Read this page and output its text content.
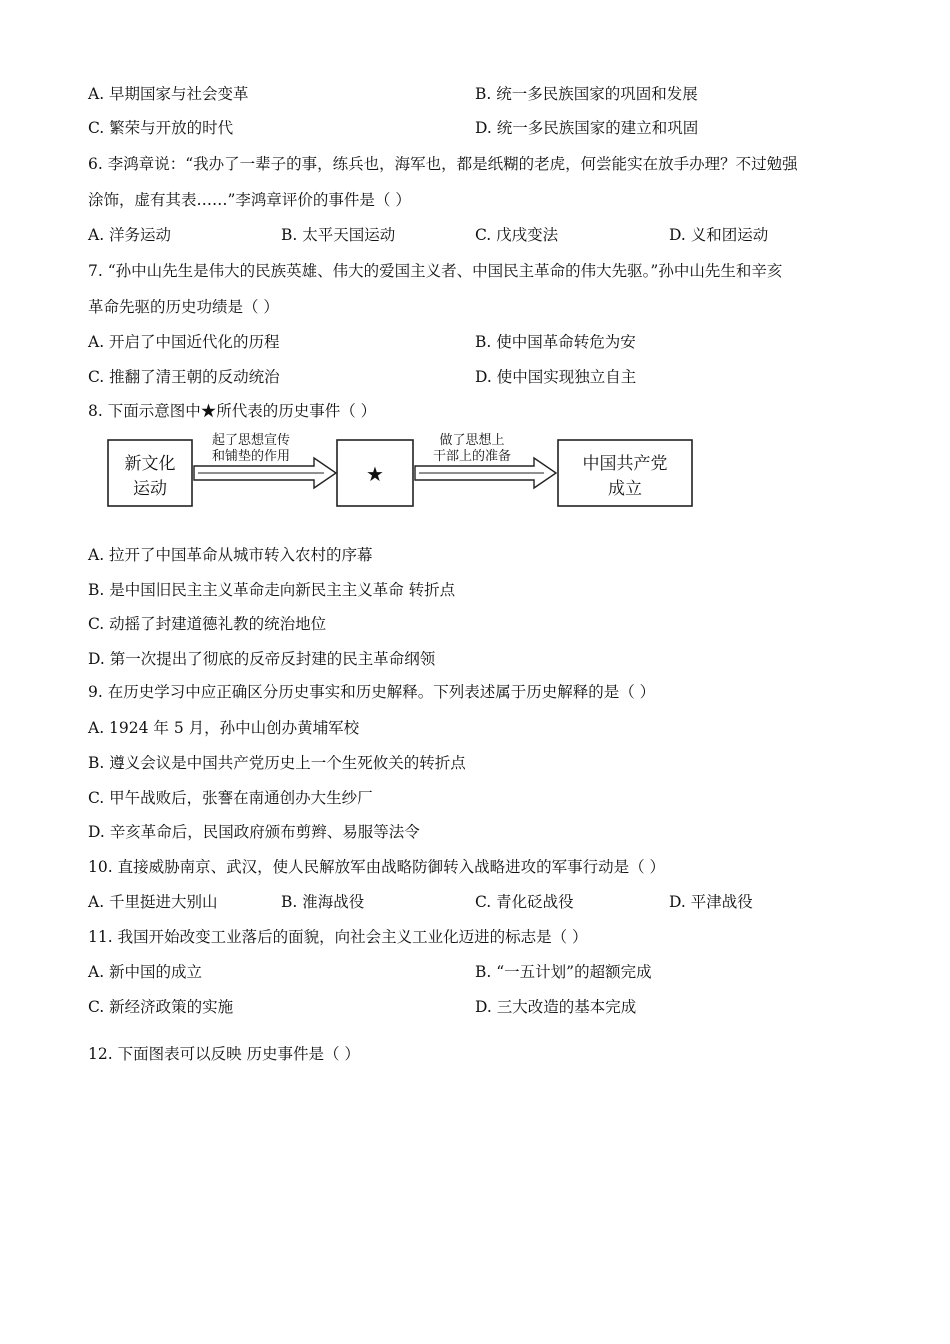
A. 早期国家与社会变革	B. 统一多民族国家的巩固和发展
C. 繁荣与开放的时代	D. 统一多民族国家的建立和巩固
6. 李鸿章说：“我办了一辈子的事，练兵也，海军也，都是纸糊的老虎，何尝能实在放手办理？不过勉强
涂饰，虚有其表……”李鸿章评价的事件是（ ）
A. 洋务运动	B. 太平天国运动	C. 戊戌变法	D. 义和团运动
7. “孙中山先生是伟大的民族英雄、伟大的爱国主义者、中国民主革命的伟大先驱。”孙中山先生和辛亥
革命先驱的历史功绩是（ ）
A. 开启了中国近代化的历程	B. 使中国革命转危为安
C. 推翻了清王朝的反动统治	D. 使中国实现独立自主
8. 下面示意图中★所代表的历史事件（ ）
新文化
运动
起了思想宣传
和铺垫的作用
★
做了思想上
干部上的准备	中国共产党
成立
A. 拉开了中国革命从城市转入农村的序幕
B. 是中国旧民主主义革命走向新民主主义革命 转折点
C. 动摇了封建道德礼教的统治地位
D. 第一次提出了彻底的反帝反封建的民主革命纲领
9. 在历史学习中应正确区分历史事实和历史解释。下列表述属于历史解释的是（ ）
A. 1924 年 5 月，孙中山创办黄埔军校
B. 遵义会议是中国共产党历史上一个生死攸关的转折点
C. 甲午战败后，张謇在南通创办大生纱厂
D. 辛亥革命后，民国政府颁布剪辫、易服等法令
10. 直接威胁南京、武汉，使人民解放军由战略防御转入战略进攻的军事行动是（ ）
A. 千里挺进大别山	B. 淮海战役	C. 青化砭战役	D. 平津战役
11. 我国开始改变工业落后的面貌，向社会主义工业化迈进的标志是（ ）
A. 新中国的成立	B. “一五计划”的超额完成
C. 新经济政策的实施	D. 三大改造的基本完成
12. 下面图表可以反映 历史事件是（ ）
